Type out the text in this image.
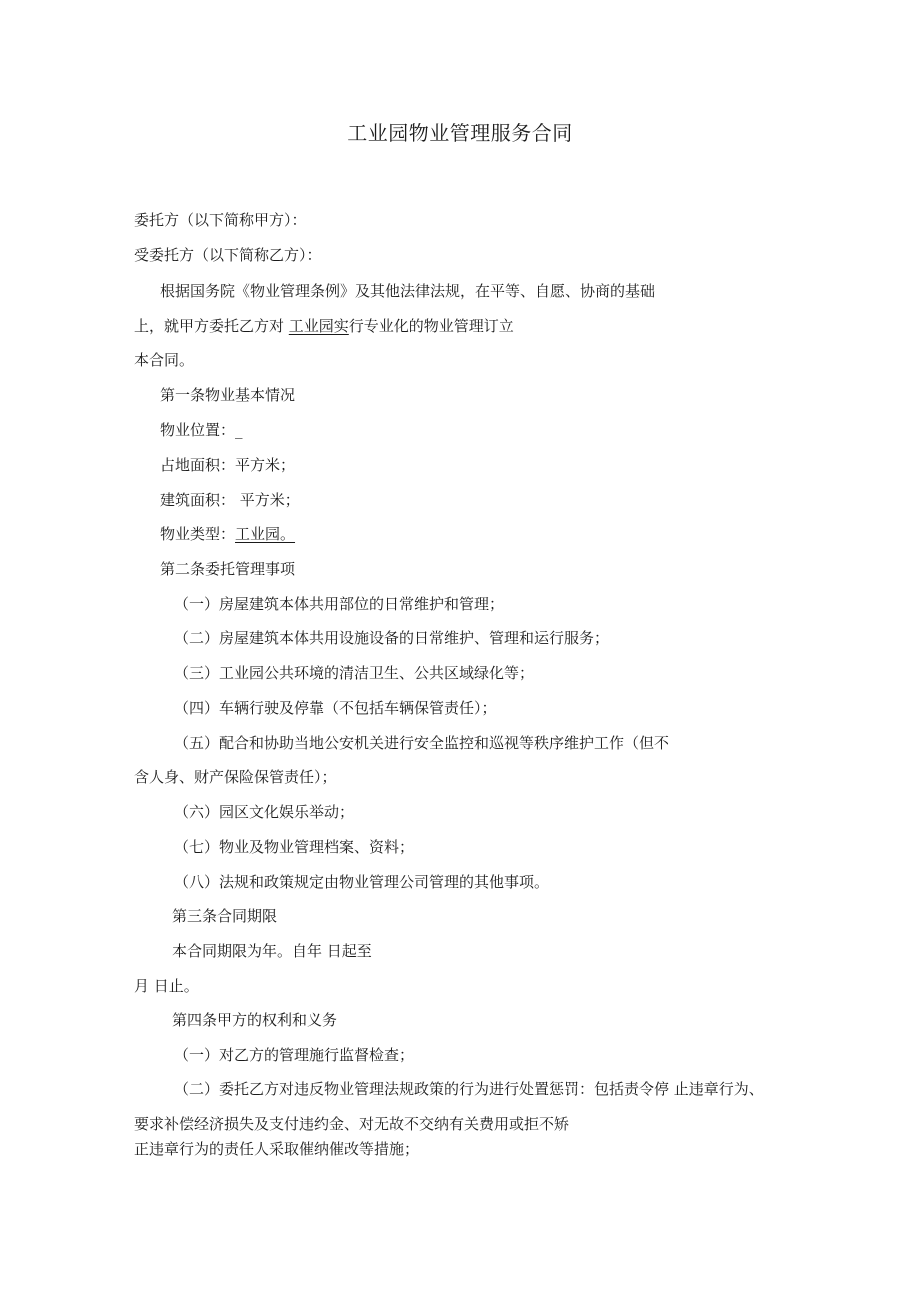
工业园物业管理服务合同
委托方（以下简称甲方）：
受委托方（以下简称乙方）：
根据国务院《物业管理条例》及其他法律法规，在平等、自愿、协商的基础
上，就甲方委托乙方对 工业园实行专业化的物业管理订立
本合同。
第一条物业基本情况
物业位置：_
占地面积：平方米；
建筑面积： 平方米；
物业类型：工业园。
第二条委托管理事项
（一）房屋建筑本体共用部位的日常维护和管理；
（二）房屋建筑本体共用设施设备的日常维护、管理和运行服务；
（三）工业园公共环境的清洁卫生、公共区域绿化等；
（四）车辆行驶及停靠（不包括车辆保管责任）；
（五）配合和协助当地公安机关进行安全监控和巡视等秩序维护工作（但不
含人身、财产保险保管责任）；
（六）园区文化娱乐举动；
（七）物业及物业管理档案、资料；
（八）法规和政策规定由物业管理公司管理的其他事项。
第三条合同期限
本合同期限为年。自年 日起至
月 日止。
第四条甲方的权利和义务
（一）对乙方的管理施行监督检查；
（二）委托乙方对违反物业管理法规政策的行为进行处置惩罚：包括责令停 止违章行为、
要求补偿经济损失及支付违约金、对无故不交纳有关费用或拒不矫
正违章行为的责任人采取催纳催改等措施；
